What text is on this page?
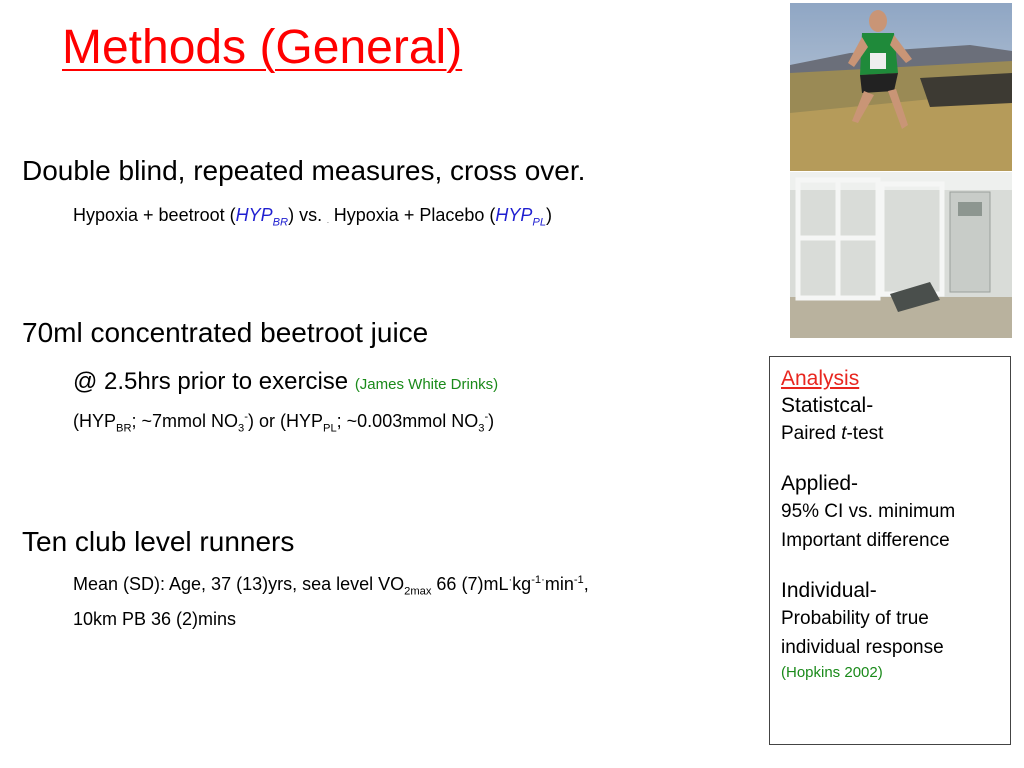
Methods (General)
Double blind, repeated measures, cross over.
Hypoxia + beetroot $(HYP_{BR})$ vs. . Hypoxia + Placebo $(HYP_{PL})$
70ml concentrated beetroot juice
@ 2.5hrs prior to exercise (James White Drinks)
($HYP_{BR}$; ~7mmol $NO_3^-$) or ($HYP_{PL}$; ~0.003mmol $NO_3^-$)
Ten club level runners
Mean (SD): Age, 37 (13)yrs, sea level $VO_{2max}$ 66 $(7)mL^\cdot kg^{-1\cdot}\min^{-1}$,
10km PB 36 (2)mins
Analysis
Statistcal-
Paired t-test
Applied-
95% CI vs. minimum
Important difference
Individual-
Probability of true
individual response
(Hopkins 2002)
